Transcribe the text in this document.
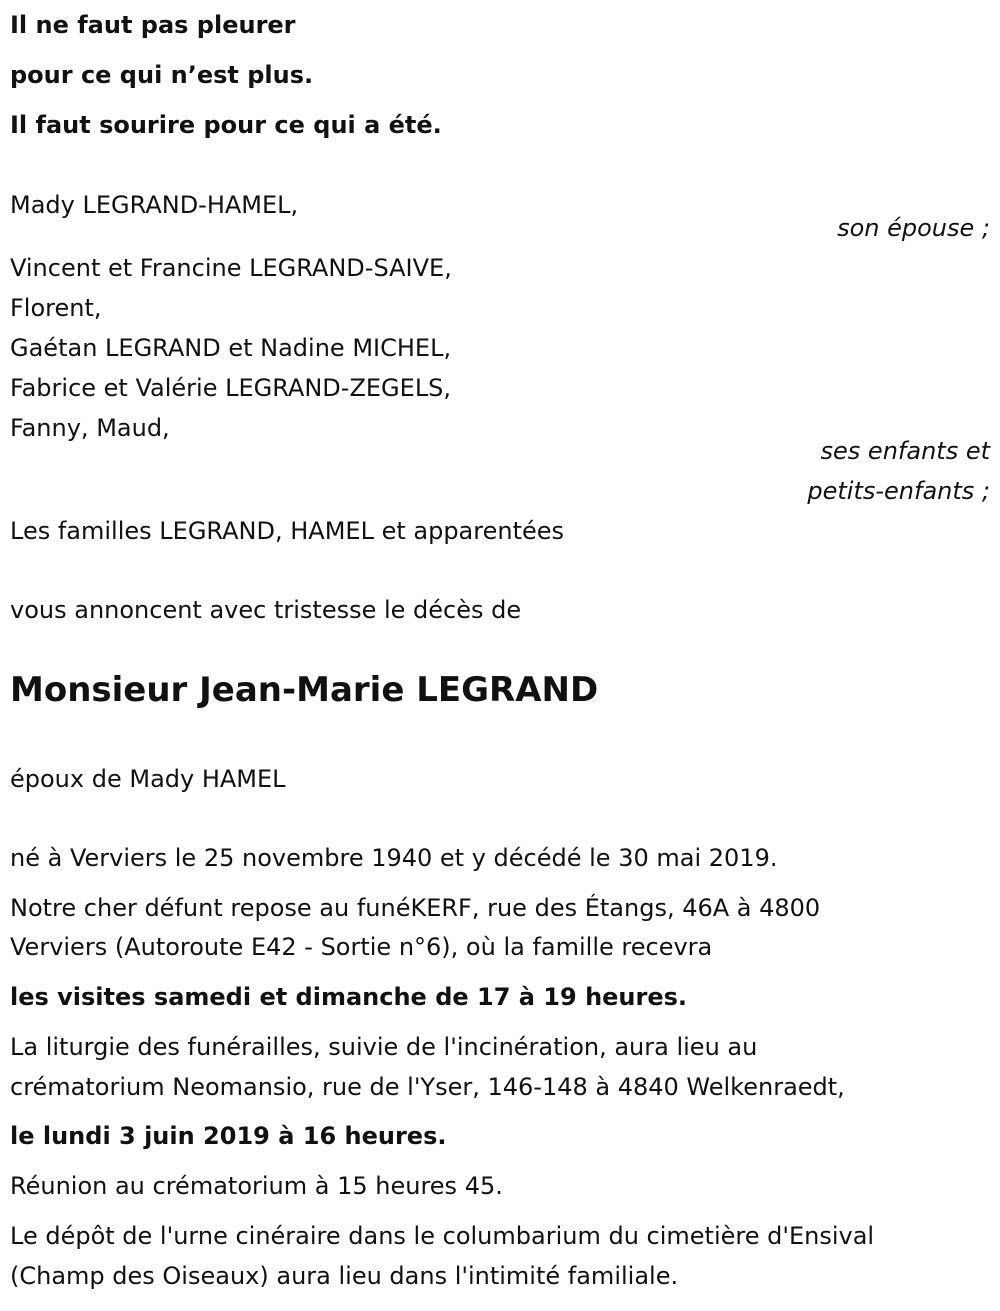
Il ne faut pas pleurer
pour ce qui n’est plus.
Il faut sourire pour ce qui a été.
Mady LEGRAND-HAMEL,
son épouse ;
Vincent et Francine LEGRAND-SAIVE,
Florent,
Gaétan LEGRAND et Nadine MICHEL,
Fabrice et Valérie LEGRAND-ZEGELS,
Fanny, Maud,
ses enfants et
petits-enfants ;
Les familles LEGRAND, HAMEL et apparentées
vous annoncent avec tristesse le décès de
Monsieur Jean-Marie LEGRAND
époux de Mady HAMEL
né à Verviers le 25 novembre 1940 et y décédé le 30 mai 2019.
Notre cher défunt repose au funéKERF, rue des Étangs, 46A à 4800
Verviers (Autoroute E42 - Sortie n°6), où la famille recevra
les visites samedi et dimanche de 17 à 19 heures.
La liturgie des funérailles, suivie de l'incinération, aura lieu au
crématorium Neomansio, rue de l'Yser, 146-148 à 4840 Welkenraedt,
le lundi 3 juin 2019 à 16 heures.
Réunion au crématorium à 15 heures 45.
Le dépôt de l'urne cinéraire dans le columbarium du cimetière d'Ensival
(Champ des Oiseaux) aura lieu dans l'intimité familiale.
